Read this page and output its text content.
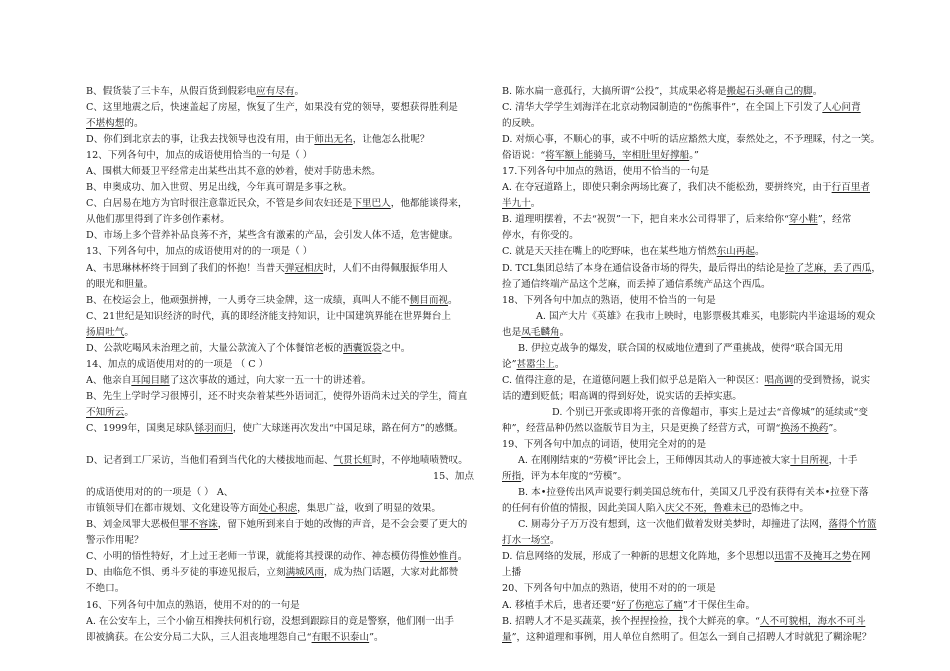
B、假货装了三卡车，从假百货到假彩电应有尽有。
C、这里地震之后，快速盖起了房屋，恢复了生产，如果没有党的领导，要想获得胜利是
不堪构想的。
D、你们到北京去的事，让我去找领导也没有用，由于师出无名，让他怎么批呢？
12、下列各句中，加点的成语使用恰当的一句是（ ）
A、围棋大师聂卫平经常走出某些出其不意的妙着，使对手防患未然。
B、申奥成功、加入世贸、男足出线，今年真可谓是多事之秋。
C、白居易在地方为官时很注意靠近民众，不管是乡间农妇还是下里巴人，他都能谈得来，
从他们那里得到了许多创作素材。
D、市场上多个营养补品良莠不齐，某些含有激素的产品，会引发人体不适，危害健康。
13、下列各句中，加点的成语使用对的的一项是（ ）
A、韦思琳林杯终于回到了我们的怀抱！当普天弹冠相庆时，人们不由得佩服振华用人
的眼光和胆量。
B、在校运会上，他顽强拼搏，一人勇夺三块金牌，这一成绩，真叫人不能不侧目而视。
C、21世纪是知识经济的时代，真的即经济能支持知识，让中国建筑界能在世界舞台上
扬眉吐气。
D、公款吃喝风未治理之前，大量公款流入了个体餐馆老板的洒囊饭袋之中。
14、加点的成语使用对的的一项是 （ C ）
A、他亲自耳闻目睹了这次事故的通过，向大家一五一十的讲述着。
B、先生上学时学习很博引，还不时夹杂着某些外语词汇，使得外语尚未过关的学生，简直
不知所云。
C、1999年，国奥足球队铩羽而归，使广大球迷再次发出“中国足球，路在何方”的感慨。
D、记者到工厂采访，当他们看到当代化的大楼拔地而起、气贯长虹时，不停地啧啧赞叹。
15、加点
的成语使用对的的一项是（ ） A、
市镇领导们在都市规划、文化建设等方面处心积虑，集思广益，收到了明显的效果。
B、刘金凤罪大恶极但罪不容诛，留下她所到来自于她的改悔的声音，是不会会要了更大的
警示作用呢？
C、小明的悟性特好，才上过王老师一节课，就能将其授课的动作、神态模仿得惟妙惟肖。
D、由临危不惧、勇斗歹徒的事迹见报后，立刻满城风雨，成为热门话题，大家对此都赞
不绝口。
16、下列各句中加点的熟语，使用不对的的一句是
A. 在公安车上，三个小偷互相搀扶何机行窃，没想到跟踪目的竟是警察，他们刚一出手
即被擒获。在公安分局二大队，三人沮丧地埋怨自己“有眼不识泰山”。
B. 陈水扁一意孤行，大搞所谓“公投”，其成果必将是搬起石头砸自己的脚。
C. 清华大学学生刘海洋在北京动物园制造的“伤熊事件”，在全国上下引发了人心问背
的反映。
D. 对烦心事，不顺心的事，或不中听的话应豁然大度，泰然处之，不予理睬，付之一笑。
俗语说：“将军额上能骑马，宰相肚里好撑船。”
17.下列各句中加点的熟语，使用不恰当的一句是
A. 在夺冠道路上，即使只剩余两场比赛了，我们决不能松劲，要拼终究，由于行百里者
半九十。
B. 道理明摆着，不去“祝贺”一下，把自来水公司得罪了，后来给你“穿小鞋”，经常
停水，有你受的。
C. 就是天天挂在嘴上的吃野味，也在某些地方悄然东山再起。
D. TCL集团总结了本身在通信设备市场的得失，最后得出的结论是捡了芝麻，丢了西瓜，
捡了通信终端产品这个芝麻，而丢掉了通信系统产品这个西瓜。
18、下列各句中加点的熟语，使用不恰当的一句是
A. 国产大片《英雄》在我市上映时，电影票极其难买，电影院内半途退场的观众
也是凤毛麟角。
B. 伊拉克战争的爆发，联合国的权威地位遭到了严重挑战，使得“联合国无用
论”甚嚣尘上。
C. 值得注意的是，在道德问题上我们似乎总是陷入一种误区：唱高调的受到赞扬，说实
话的遭到贬低；唱高调的得到好处，说实话的丢掉实惠。
D. 个别已开张或即将开张的音像超市，事实上是过去“音像城”的延续或“变
种”，经营品种仍然以盗版节目为主，只是更换了经营方式，可谓“换汤不换药”。
19、下列各句中加点的词语，使用完全对的的是
A. 在刚刚结束的“劳模”评比会上，王师傅因其动人的事迹被大家十目所视，十手
所指，评为本年度的“劳模”。
B. 本•拉登传出风声说要行刺美国总统布什，美国又几乎没有获得有关本•拉登下落
的任何有价值的情报，因此美国人陷入庆父不死，鲁难未已的恐怖之中。
C. 厕毒分子万万没有想到，这一次他们做着发财美梦时，却撞进了法网，落得个竹篮
打水一场空。
D. 信息网络的发展，形成了一种新的思想文化阵地，多个思想以迅雷不及掩耳之势在网
上播
20、下列各句中加点的熟语，使用不对的的一项是
A. 移植手术后，患者还要“好了伤疤忘了痛”才干保住生命。
B. 招聘人才不是买蔬菜，挨个捏捏捡捡，找个大鲜亮的拿。“人不可貌相，海水不可斗
量”，这种道理和事例，用人单位自然明了。但怎么一到自己招聘人才时就犯了糊涂呢？
